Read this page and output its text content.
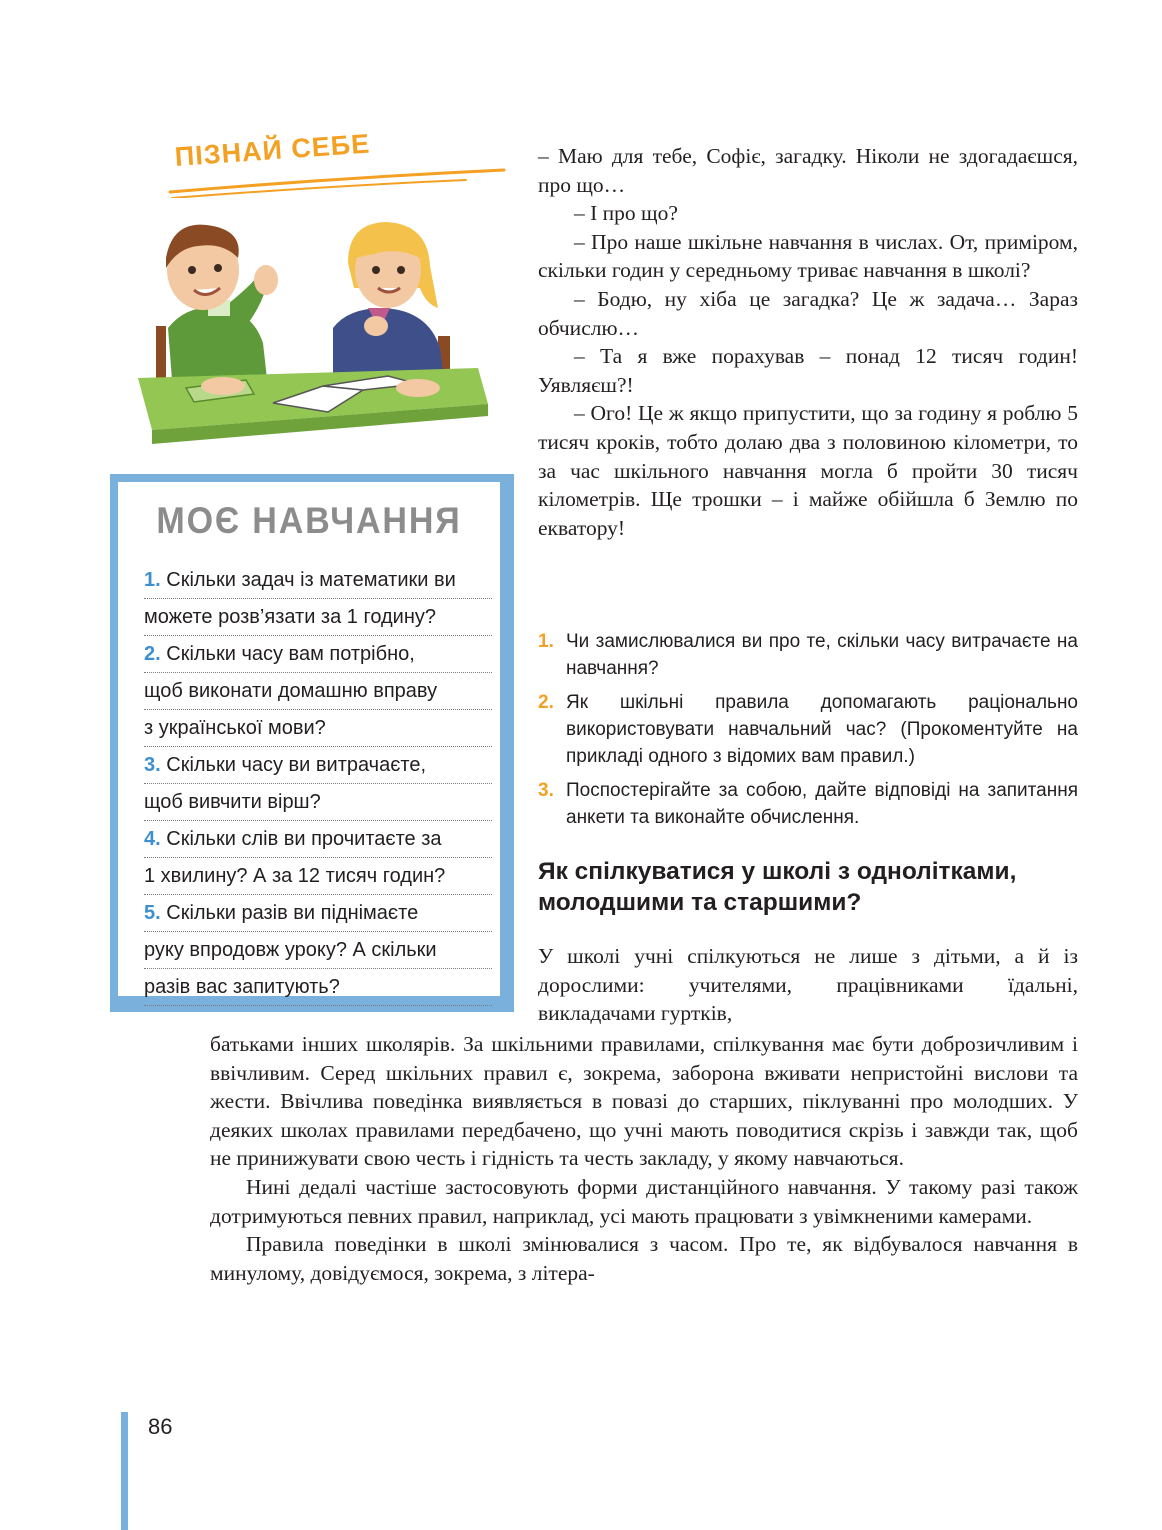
ПІЗНАЙ СЕБЕ
МОЄ НАВЧАННЯ
1. Скільки задач із математики ви
можете розв’язати за 1 годину?
2. Скільки часу вам потрібно,
щоб виконати домашню вправу
з української мови?
3. Скільки часу ви витрачаєте,
щоб вивчити вірш?
4. Скільки слів ви прочитаєте за
1 хвилину? А за 12 тисяч годин?
5. Скільки разів ви піднімаєте
руку впродовж уроку? А скільки
разів вас запитують?

– Маю для тебе, Софіє, загадку. Ніколи не здогадаєшся, про що…

– І про що?

– Про наше шкільне навчання в числах. От, приміром, скільки годин у середньому триває навчання в школі?

– Бодю, ну хіба це загадка? Це ж задача… Зараз обчислю…

– Та я вже порахував – понад 12 тисяч годин! Уявляєш?!

– Ого! Це ж якщо припустити, що за годину я роблю 5 тисяч кроків, тобто долаю два з половиною кілометри, то за час шкільного навчання могла б пройти 30 тисяч кілометрів. Ще трошки – і майже обійшла б Землю по екватору!

1. Чи замислювалися ви про те, скільки часу витрачаєте на навчання?
2. Як шкільні правила допомагають раціонально використовувати навчальний час? (Прокоментуйте на прикладі одного з відомих вам правил.)
3. Поспостерігайте за собою, дайте відповіді на запитання анкети та виконайте обчислення.
Як спілкуватися у школі з однолітками, молодшими та старшими?

У школі учні спілкуються не лише з дітьми, а й із дорослими: учителями, працівниками їдальні, викладачами гуртків,

батьками інших школярів. За шкільними правилами, спілкування має бути доброзичливим і ввічливим. Серед шкільних правил є, зокрема, заборона вживати непристойні вислови та жести. Ввічлива поведінка виявляється в повазі до старших, піклуванні про молодших. У деяких школах правилами передбачено, що учні мають поводитися скрізь і завжди так, щоб не принижувати свою честь і гідність та честь закладу, у якому навчаються.

Нині дедалі частіше застосовують форми дистанційного навчання. У такому разі також дотримуються певних правил, наприклад, усі мають працювати з увімкненими камерами.

Правила поведінки в школі змінювалися з часом. Про те, як відбувалося навчання в минулому, довідуємося, зокрема, з літера-

86
